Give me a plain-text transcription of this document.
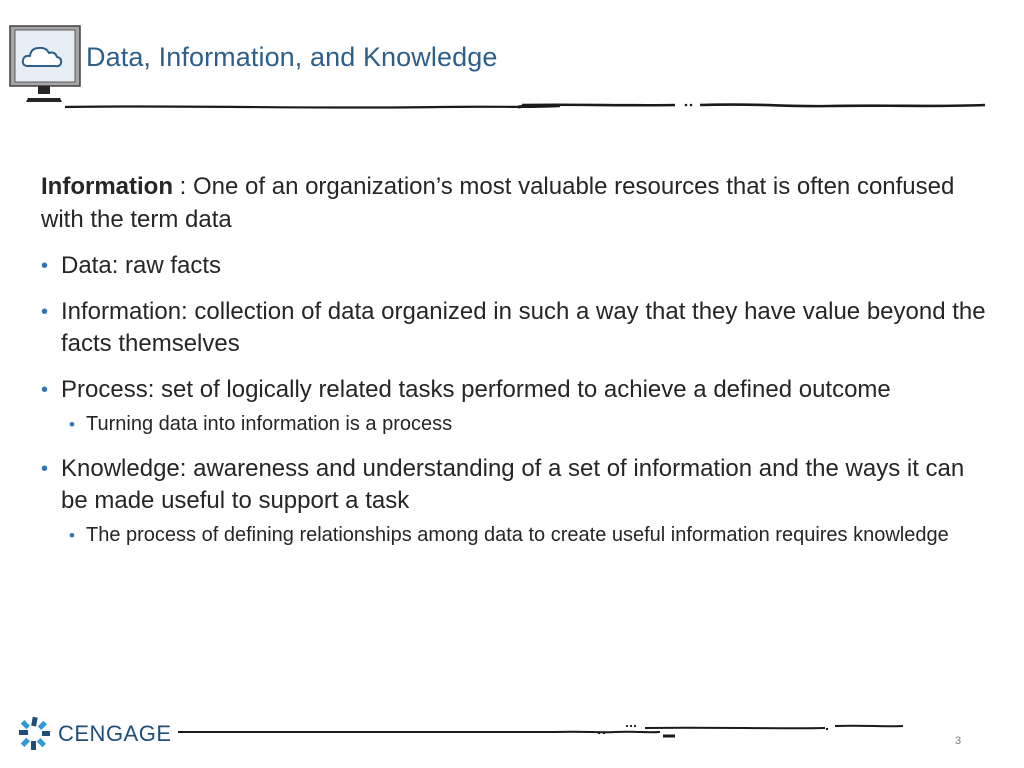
Data, Information, and Knowledge

Information : One of an organization’s most valuable resources that is often confused with the term data

• Data: raw facts
• Information: collection of data organized in such a way that they have value beyond the facts themselves
• Process: set of logically related tasks performed to achieve a defined outcome
• Turning data into information is a process
• Knowledge: awareness and understanding of a set of information and the ways it can be made useful to support a task
• The process of defining relationships among data to create useful information requires knowledge
CENGAGE	3
